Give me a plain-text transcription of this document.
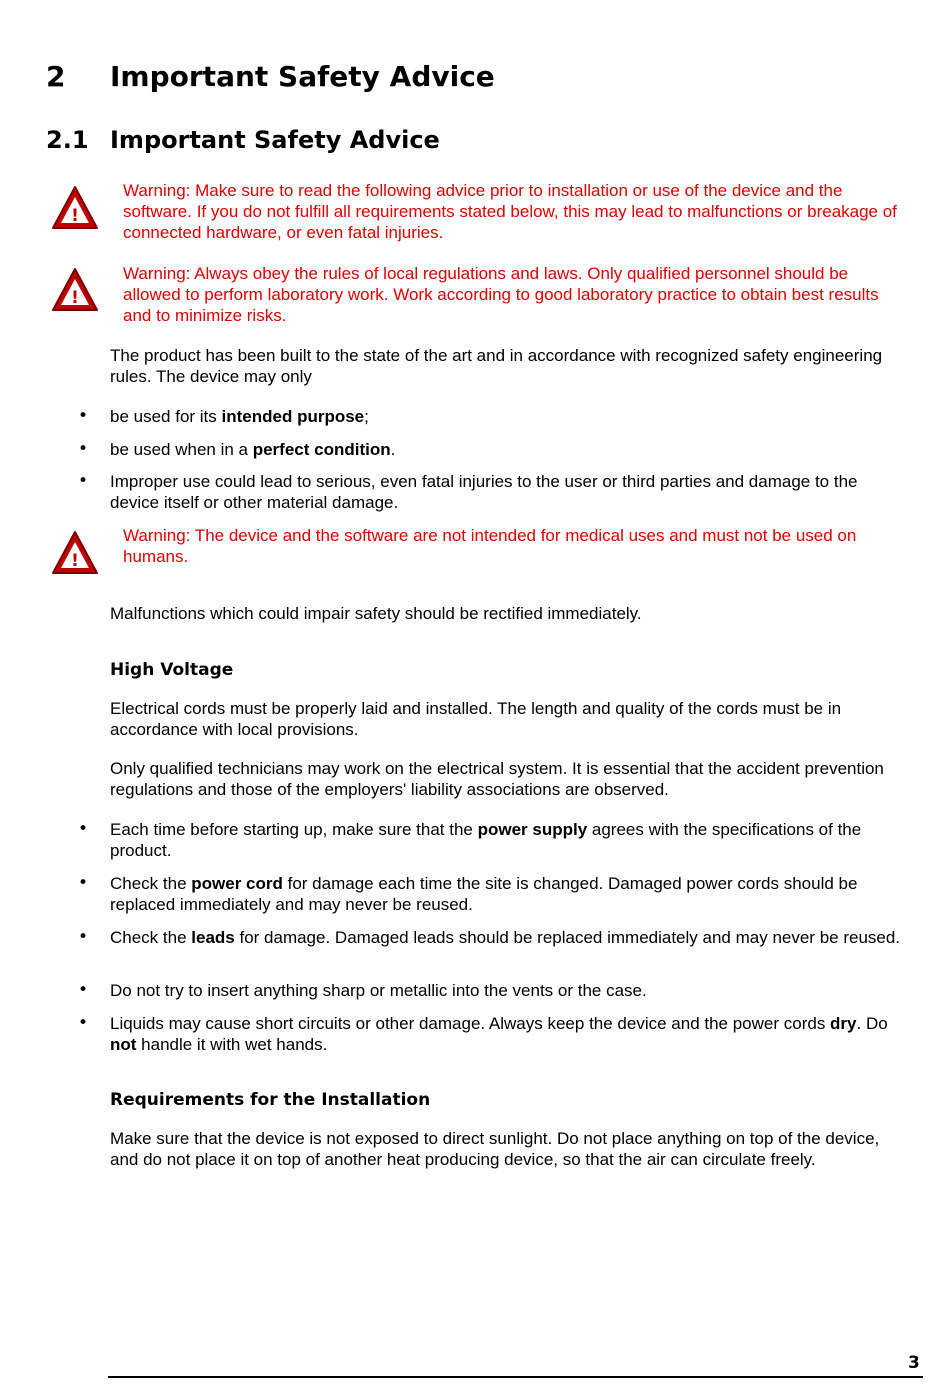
2 Important Safety Advice
2.1 Important Safety Advice
!

Warning: Make sure to read the following advice prior to installation or use of the device and the software. If you do not fulfill all requirements stated below, this may lead to malfunctions or breakage of connected hardware, or even fatal injuries.

!

Warning: Always obey the rules of local regulations and laws. Only qualified personnel should be allowed to perform laboratory work. Work according to good laboratory practice to obtain best results and to minimize risks.

The product has been built to the state of the art and in accordance with recognized safety engineering rules. The device may only

• be used for its intended purpose;

• be used when in a perfect condition.

• Improper use could lead to serious, even fatal injuries to the user or third parties and damage to the device itself or other material damage.

!

Warning: The device and the software are not intended for medical uses and must not be used on humans.

Malfunctions which could impair safety should be rectified immediately.

High Voltage

Electrical cords must be properly laid and installed. The length and quality of the cords must be in accordance with local provisions.

Only qualified technicians may work on the electrical system. It is essential that the accident prevention regulations and those of the employers' liability associations are observed.

• Each time before starting up, make sure that the power supply agrees with the specifications of the product.

• Check the power cord for damage each time the site is changed. Damaged power cords should be replaced immediately and may never be reused.

• Check the leads for damage. Damaged leads should be replaced immediately and may never be reused.

• Do not try to insert anything sharp or metallic into the vents or the case.

• Liquids may cause short circuits or other damage. Always keep the device and the power cords dry. Do not handle it with wet hands.

Requirements for the Installation

Make sure that the device is not exposed to direct sunlight. Do not place anything on top of the device, and do not place it on top of another heat producing device, so that the air can circulate freely.

3
